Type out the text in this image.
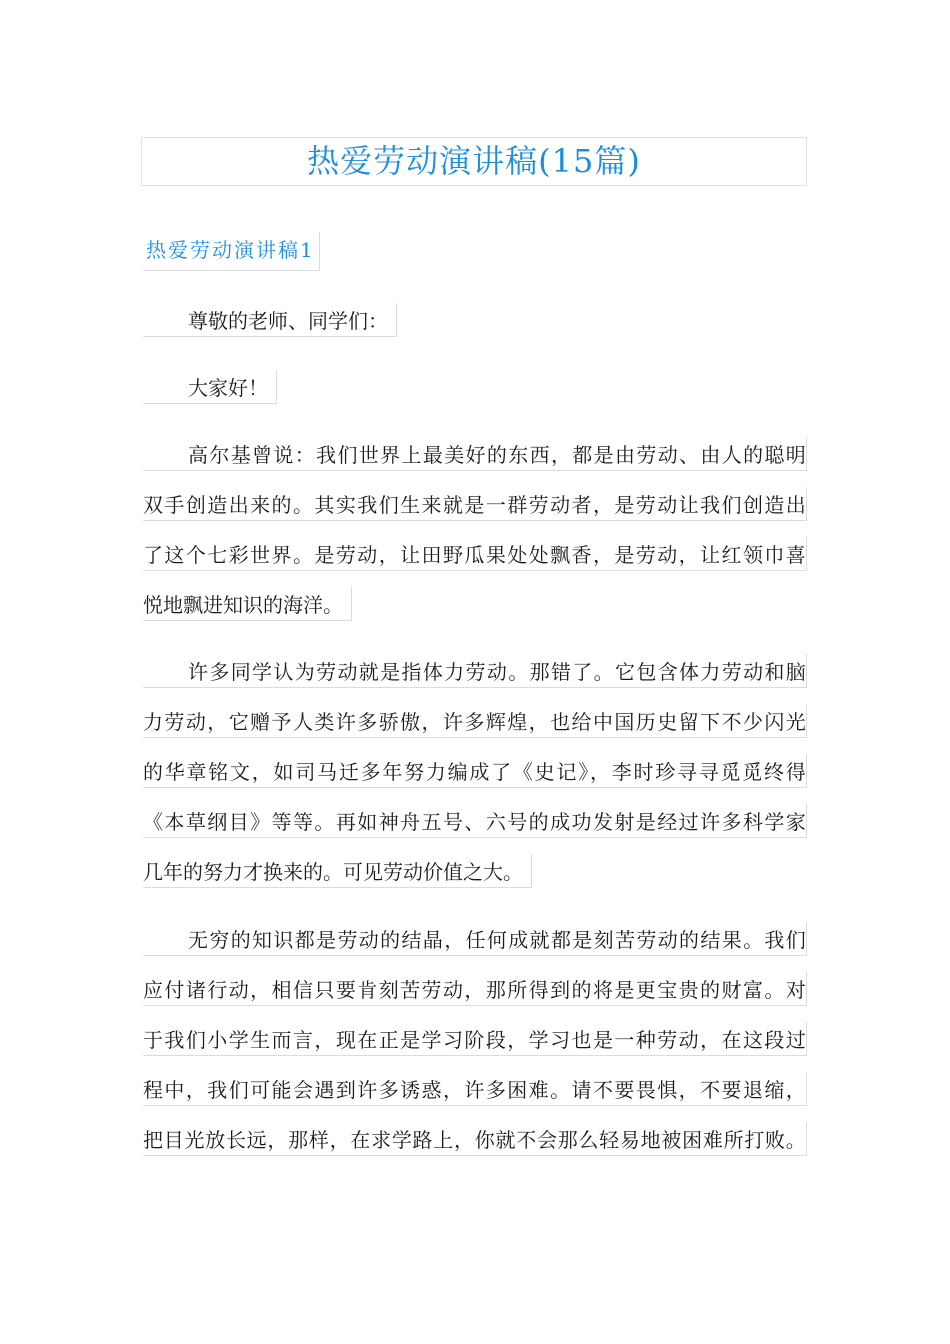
热爱劳动演讲稿(15篇)
热爱劳动演讲稿1
尊敬的老师、同学们：
大家好！
高尔基曾说：我们世界上最美好的东西，都是由劳动、由人的聪明
双手创造出来的。其实我们生来就是一群劳动者，是劳动让我们创造出
了这个七彩世界。是劳动，让田野瓜果处处飘香，是劳动，让红领巾喜
悦地飘进知识的海洋。
许多同学认为劳动就是指体力劳动。那错了。它包含体力劳动和脑
力劳动，它赠予人类许多骄傲，许多辉煌，也给中国历史留下不少闪光
的华章铭文，如司马迁多年努力编成了《史记》，李时珍寻寻觅觅终得
《本草纲目》等等。再如神舟五号、六号的成功发射是经过许多科学家
几年的努力才换来的。可见劳动价值之大。
无穷的知识都是劳动的结晶，任何成就都是刻苦劳动的结果。我们
应付诸行动，相信只要肯刻苦劳动，那所得到的将是更宝贵的财富。对
于我们小学生而言，现在正是学习阶段，学习也是一种劳动，在这段过
程中，我们可能会遇到许多诱惑，许多困难。请不要畏惧，不要退缩，
把目光放长远，那样，在求学路上，你就不会那么轻易地被困难所打败。
